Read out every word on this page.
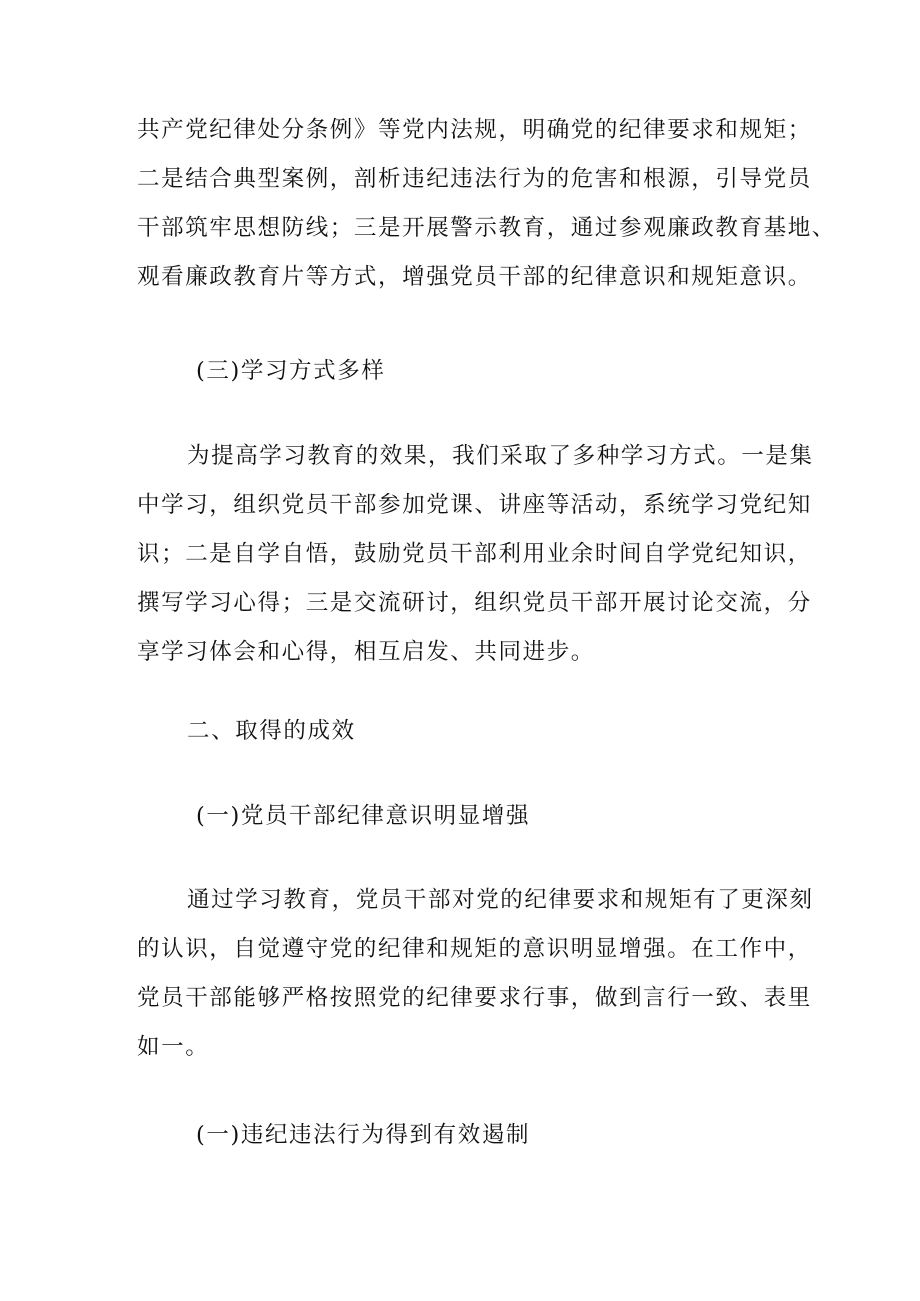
共产党纪律处分条例》等党内法规，明确党的纪律要求和规矩；
二是结合典型案例，剖析违纪违法行为的危害和根源，引导党员
干部筑牢思想防线；三是开展警示教育，通过参观廉政教育基地、
观看廉政教育片等方式，增强党员干部的纪律意识和规矩意识。
(三)学习方式多样
为提高学习教育的效果，我们采取了多种学习方式。一是集
中学习，组织党员干部参加党课、讲座等活动，系统学习党纪知
识；二是自学自悟，鼓励党员干部利用业余时间自学党纪知识，
撰写学习心得；三是交流研讨，组织党员干部开展讨论交流，分
享学习体会和心得，相互启发、共同进步。
二、取得的成效
(一)党员干部纪律意识明显增强
通过学习教育，党员干部对党的纪律要求和规矩有了更深刻
的认识，自觉遵守党的纪律和规矩的意识明显增强。在工作中，
党员干部能够严格按照党的纪律要求行事，做到言行一致、表里
如一。
(一)违纪违法行为得到有效遏制
